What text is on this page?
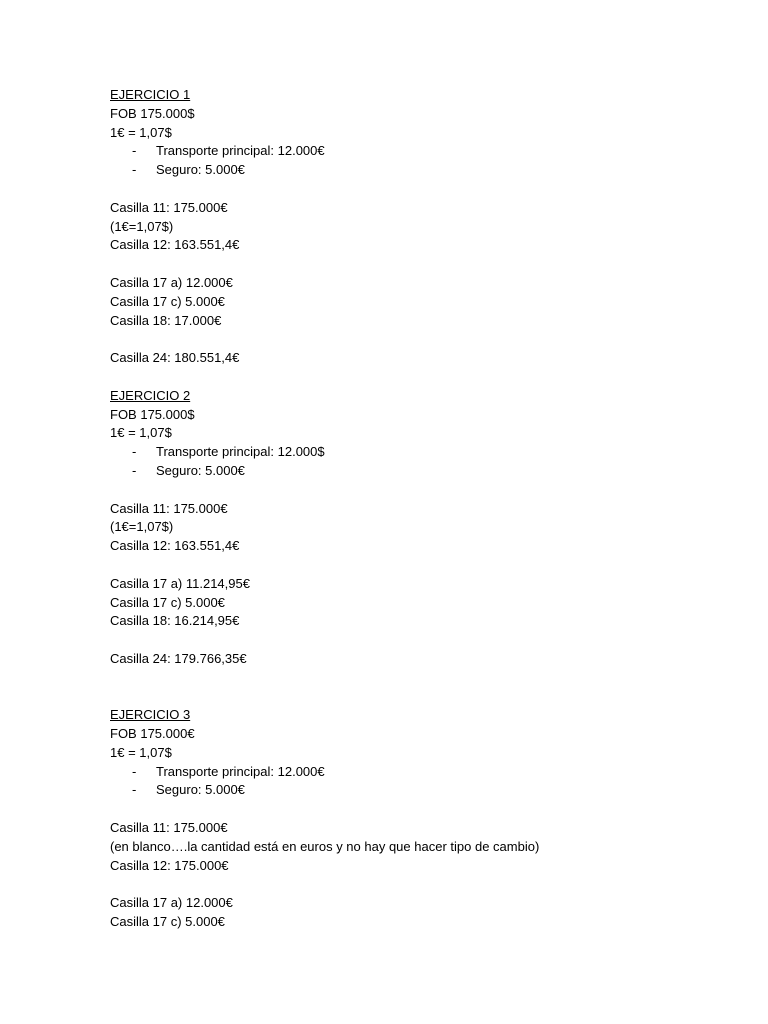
EJERCICIO 1
FOB 175.000$
1€ = 1,07$
- Transporte principal: 12.000€
- Seguro: 5.000€
Casilla 11: 175.000€
(1€=1,07$)
Casilla 12: 163.551,4€
Casilla 17 a) 12.000€
Casilla 17 c) 5.000€
Casilla 18: 17.000€
Casilla 24: 180.551,4€
EJERCICIO 2
FOB 175.000$
1€ = 1,07$
- Transporte principal: 12.000$
- Seguro: 5.000€
Casilla 11: 175.000€
(1€=1,07$)
Casilla 12: 163.551,4€
Casilla 17 a) 11.214,95€
Casilla 17 c) 5.000€
Casilla 18: 16.214,95€
Casilla 24: 179.766,35€
EJERCICIO 3
FOB 175.000€
1€ = 1,07$
- Transporte principal: 12.000€
- Seguro: 5.000€
Casilla 11: 175.000€
(en blanco….la cantidad está en euros y no hay que hacer tipo de cambio)
Casilla 12: 175.000€
Casilla 17 a) 12.000€
Casilla 17 c) 5.000€
